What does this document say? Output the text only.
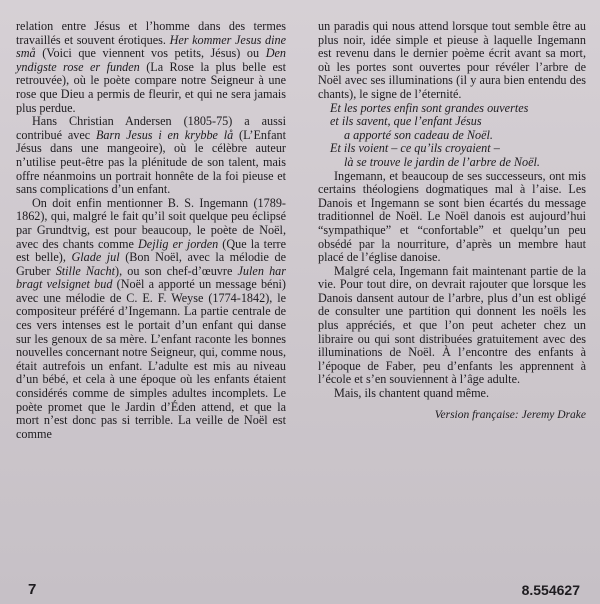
relation entre Jésus et l’homme dans des termes travaillés et souvent érotiques. Her kommer Jesus dine små (Voici que viennent vos petits, Jésus) ou Den yndigste rose er funden (La Rose la plus belle est retrouvée), où le poète compare notre Seigneur à une rose que Dieu a permis de fleurir, et qui ne sera jamais plus perdue.

Hans Christian Andersen (1805-75) a aussi contribué avec Barn Jesus i en krybbe lå (L’Enfant Jésus dans une mangeoire), où le célèbre auteur n’utilise peut-être pas la plénitude de son talent, mais offre néanmoins un portrait honnête de la foi pieuse et sans complications d’un enfant.

On doit enfin mentionner B. S. Ingemann (1789-1862), qui, malgré le fait qu’il soit quelque peu éclipsé par Grundtvig, est pour beaucoup, le poète de Noël, avec des chants comme Dejlig er jorden (Que la terre est belle), Glade jul (Bon Noël, avec la mélodie de Gruber Stille Nacht), ou son chef-d’œuvre Julen har bragt velsignet bud (Noël a apporté un message béni) avec une mélodie de C. E. F. Weyse (1774-1842), le compositeur préféré d’Ingemann. La partie centrale de ces vers intenses est le portait d’un enfant qui danse sur les genoux de sa mère. L’enfant raconte les bonnes nouvelles concernant notre Seigneur, qui, comme nous, était autrefois un enfant. L’adulte est mis au niveau d’un bébé, et cela à une époque où les enfants étaient considérés comme de simples adultes incomplets. Le poète promet que le Jardin d’Éden attend, et que la mort n’est donc pas si terrible. La veille de Noël est comme

un paradis qui nous attend lorsque tout semble être au plus noir, idée simple et pieuse à laquelle Ingemann est revenu dans le dernier poème écrit avant sa mort, où les portes sont ouvertes pour révéler l’arbre de Noël avec ses illuminations (il y aura bien entendu des chants), le signe de l’éternité.

Et les portes enfin sont grandes ouvertes
et ils savent, que l’enfant Jésus
a apporté son cadeau de Noël.
Et ils voient – ce qu’ils croyaient –
là se trouve le jardin de l’arbre de Noël.

Ingemann, et beaucoup de ses successeurs, ont mis certains théologiens dogmatiques mal à l’aise. Les Danois et Ingemann se sont bien écartés du message traditionnel de Noël. Le Noël danois est aujourd’hui “sympathique” et “confortable” et quelqu’un peu obsédé par la nourriture, d’après un membre haut placé de l’église danoise.

Malgré cela, Ingemann fait maintenant partie de la vie. Pour tout dire, on devrait rajouter que lorsque les Danois dansent autour de l’arbre, plus d’un est obligé de consulter une partition qui donnent les noëls les plus appréciés, et que l’on peut acheter chez un libraire ou qui sont distribuées gratuitement avec des illuminations de Noël. À l’encontre des enfants à l’époque de Faber, peu d’enfants les apprennent à l’école et s’en souviennent à l’âge adulte.

Mais, ils chantent quand même.

Version française: Jeremy Drake
7	8.554627
